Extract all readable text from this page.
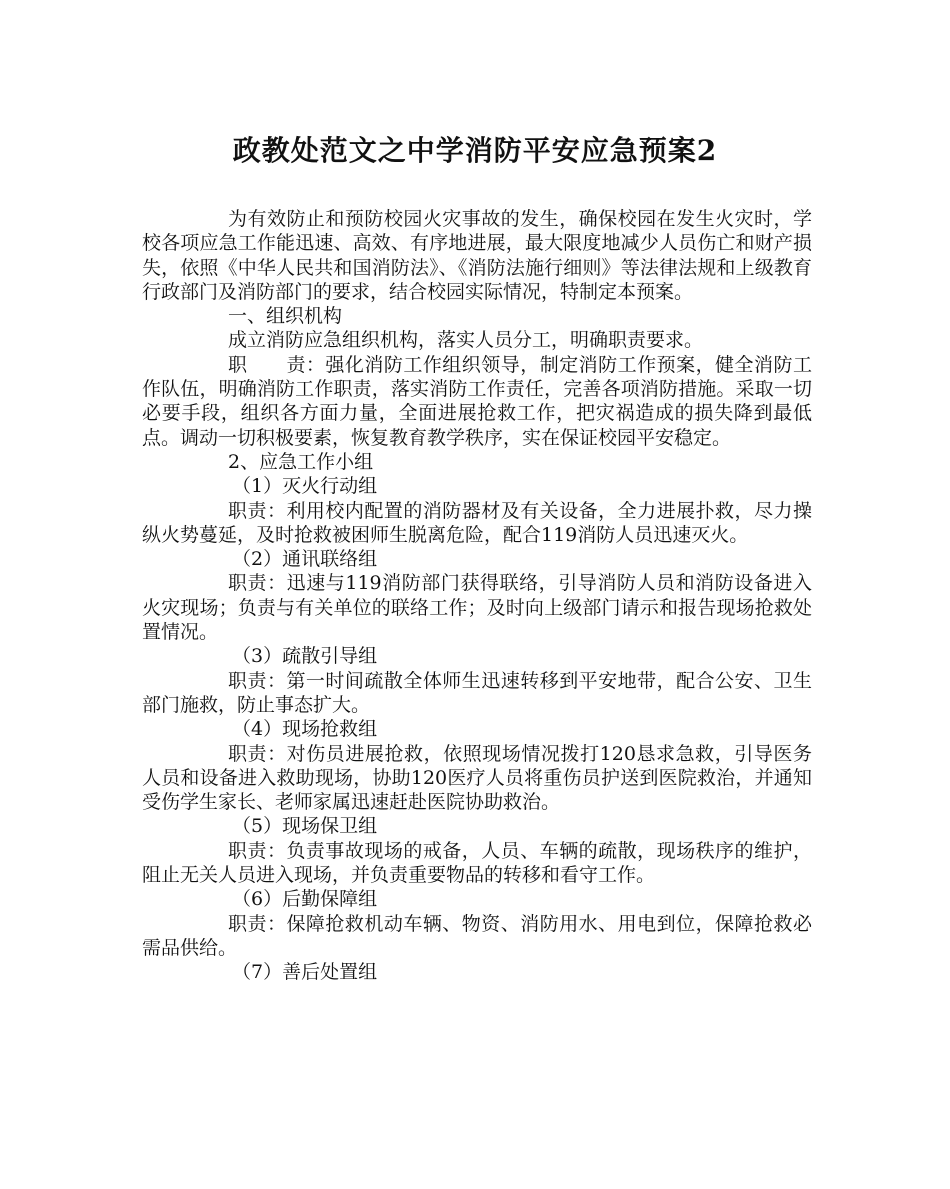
政教处范文之中学消防平安应急预案2

为有效防止和预防校园火灾事故的发生，确保校园在发生火灾时，学校各项应急工作能迅速、高效、有序地进展，最大限度地减少人员伤亡和财产损失，依照《中华人民共和国消防法》、《消防法施行细则》等法律法规和上级教育行政部门及消防部门的要求，结合校园实际情况，特制定本预案。

一、组织机构

成立消防应急组织机构，落实人员分工，明确职责要求。

职　　责：强化消防工作组织领导，制定消防工作预案，健全消防工作队伍，明确消防工作职责，落实消防工作责任，完善各项消防措施。采取一切必要手段，组织各方面力量，全面进展抢救工作，把灾祸造成的损失降到最低点。调动一切积极要素，恢复教育教学秩序，实在保证校园平安稳定。

2、应急工作小组

（1）灭火行动组

职责：利用校内配置的消防器材及有关设备，全力进展扑救，尽力操纵火势蔓延，及时抢救被困师生脱离危险，配合119消防人员迅速灭火。

（2）通讯联络组

职责：迅速与119消防部门获得联络，引导消防人员和消防设备进入火灾现场；负责与有关单位的联络工作；及时向上级部门请示和报告现场抢救处置情况。

（3）疏散引导组

职责：第一时间疏散全体师生迅速转移到平安地带，配合公安、卫生部门施救，防止事态扩大。

（4）现场抢救组

职责：对伤员进展抢救，依照现场情况拨打120恳求急救，引导医务人员和设备进入救助现场，协助120医疗人员将重伤员护送到医院救治，并通知受伤学生家长、老师家属迅速赶赴医院协助救治。

（5）现场保卫组

职责：负责事故现场的戒备，人员、车辆的疏散，现场秩序的维护，阻止无关人员进入现场，并负责重要物品的转移和看守工作。

（6）后勤保障组

职责：保障抢救机动车辆、物资、消防用水、用电到位，保障抢救必需品供给。

（7）善后处置组
